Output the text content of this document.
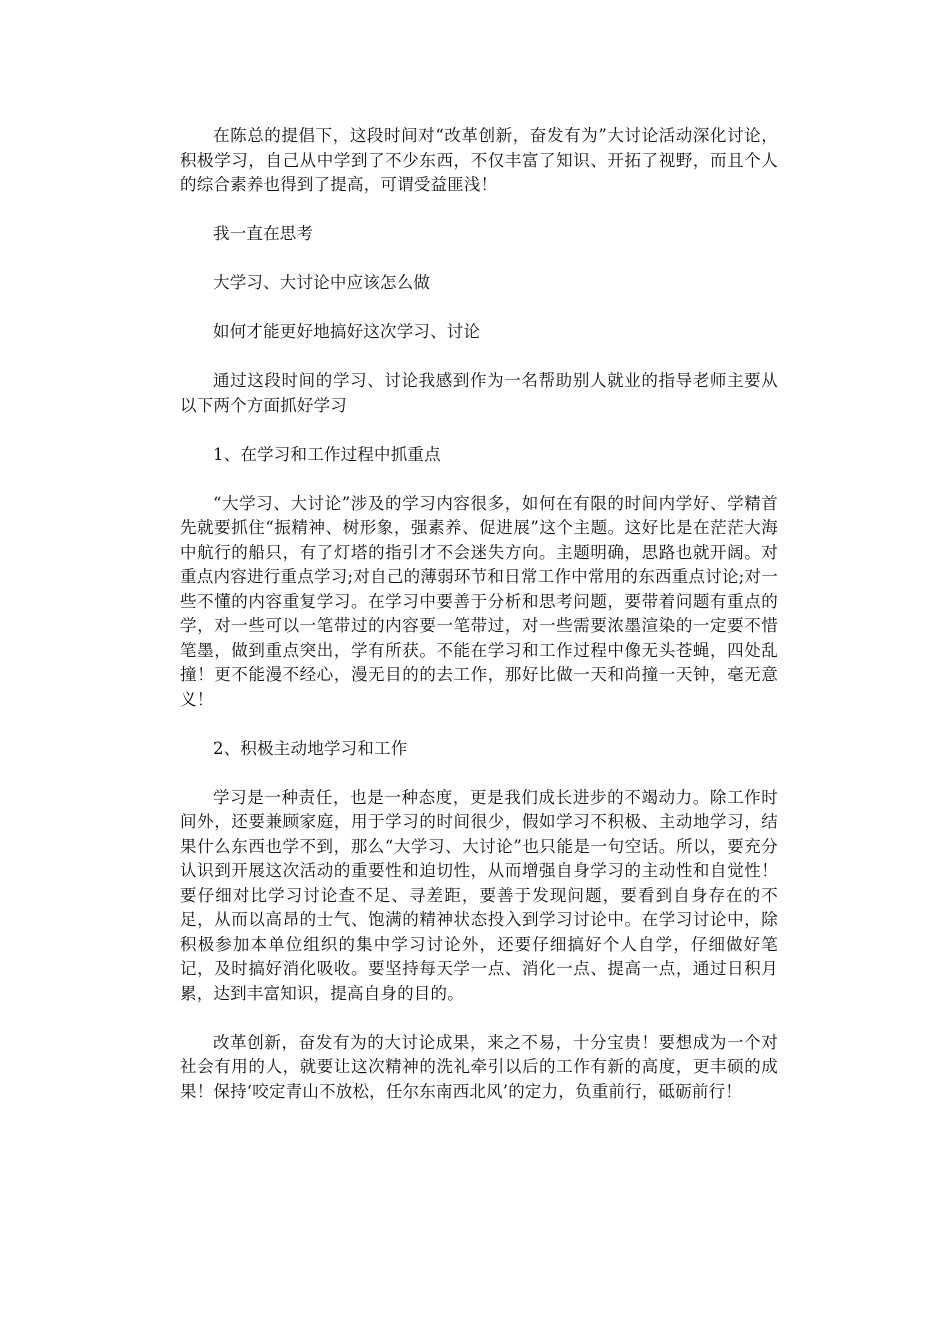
在陈总的提倡下，这段时间对“改革创新，奋发有为”大讨论活动深化讨论，积极学习，自己从中学到了不少东西，不仅丰富了知识、开拓了视野，而且个人的综合素养也得到了提高，可谓受益匪浅！

我一直在思考

大学习、大讨论中应该怎么做

如何才能更好地搞好这次学习、讨论

通过这段时间的学习、讨论我感到作为一名帮助别人就业的指导老师主要从以下两个方面抓好学习

1、在学习和工作过程中抓重点

“大学习、大讨论”涉及的学习内容很多，如何在有限的时间内学好、学精首先就要抓住“振精神、树形象，强素养、促进展”这个主题。这好比是在茫茫大海中航行的船只，有了灯塔的指引才不会迷失方向。主题明确，思路也就开阔。对重点内容进行重点学习;对自己的薄弱环节和日常工作中常用的东西重点讨论;对一些不懂的内容重复学习。在学习中要善于分析和思考问题，要带着问题有重点的学，对一些可以一笔带过的内容要一笔带过，对一些需要浓墨渲染的一定要不惜笔墨，做到重点突出，学有所获。不能在学习和工作过程中像无头苍蝇，四处乱撞！更不能漫不经心，漫无目的的去工作，那好比做一天和尚撞一天钟，毫无意义！

2、积极主动地学习和工作

学习是一种责任，也是一种态度，更是我们成长进步的不竭动力。除工作时间外，还要兼顾家庭，用于学习的时间很少，假如学习不积极、主动地学习，结果什么东西也学不到，那么“大学习、大讨论”也只能是一句空话。所以，要充分认识到开展这次活动的重要性和迫切性，从而增强自身学习的主动性和自觉性！要仔细对比学习讨论查不足、寻差距，要善于发现问题，要看到自身存在的不足，从而以高昂的士气、饱满的精神状态投入到学习讨论中。在学习讨论中，除积极参加本单位组织的集中学习讨论外，还要仔细搞好个人自学，仔细做好笔记，及时搞好消化吸收。要坚持每天学一点、消化一点、提高一点，通过日积月累，达到丰富知识，提高自身的目的。

改革创新，奋发有为的大讨论成果，来之不易，十分宝贵！要想成为一个对社会有用的人，就要让这次精神的洗礼牵引以后的工作有新的高度，更丰硕的成果！保持‘咬定青山不放松，任尔东南西北风’的定力，负重前行，砥砺前行！
